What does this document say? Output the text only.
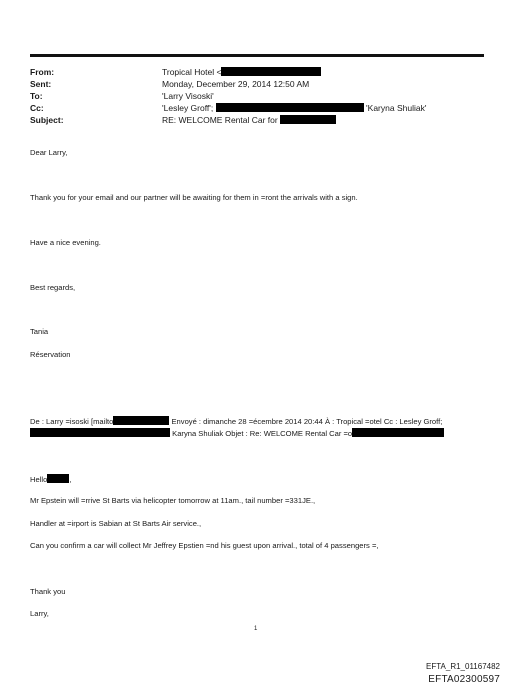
From:	Tropical Hotel <
Sent:	Monday, December 29, 2014 12:50 AM
To:	'Larry Visoski'
Cc:	'Lesley Groff';	'Karyna Shuliak'
Subject:	RE: WELCOME Rental Car for
Dear Larry,
Thank you for your email and our partner will be awaiting for them in =ront the arrivals with a sign.
Have a nice evening.
Best regards,
Tania
Réservation
De : Larry =isoski [mailto	Envoyé : dimanche 28 =écembre 2014 20:44 À : Tropical =otel Cc : Lesley Groff;
Karyna Shuliak Objet : Re: WELCOME Rental Car =o
Hello	,
Mr Epstein will =rrive St Barts via helicopter tomorrow at 11am., tail number =331JE.,
Handler at =irport is Sabian at St Barts Air service.,
Can you confirm a car will collect Mr Jeffrey Epstien =nd his guest upon arrival., total of 4 passengers =,
Thank you
Larry,
1
EFTA_R1_01167482
EFTA02300597
